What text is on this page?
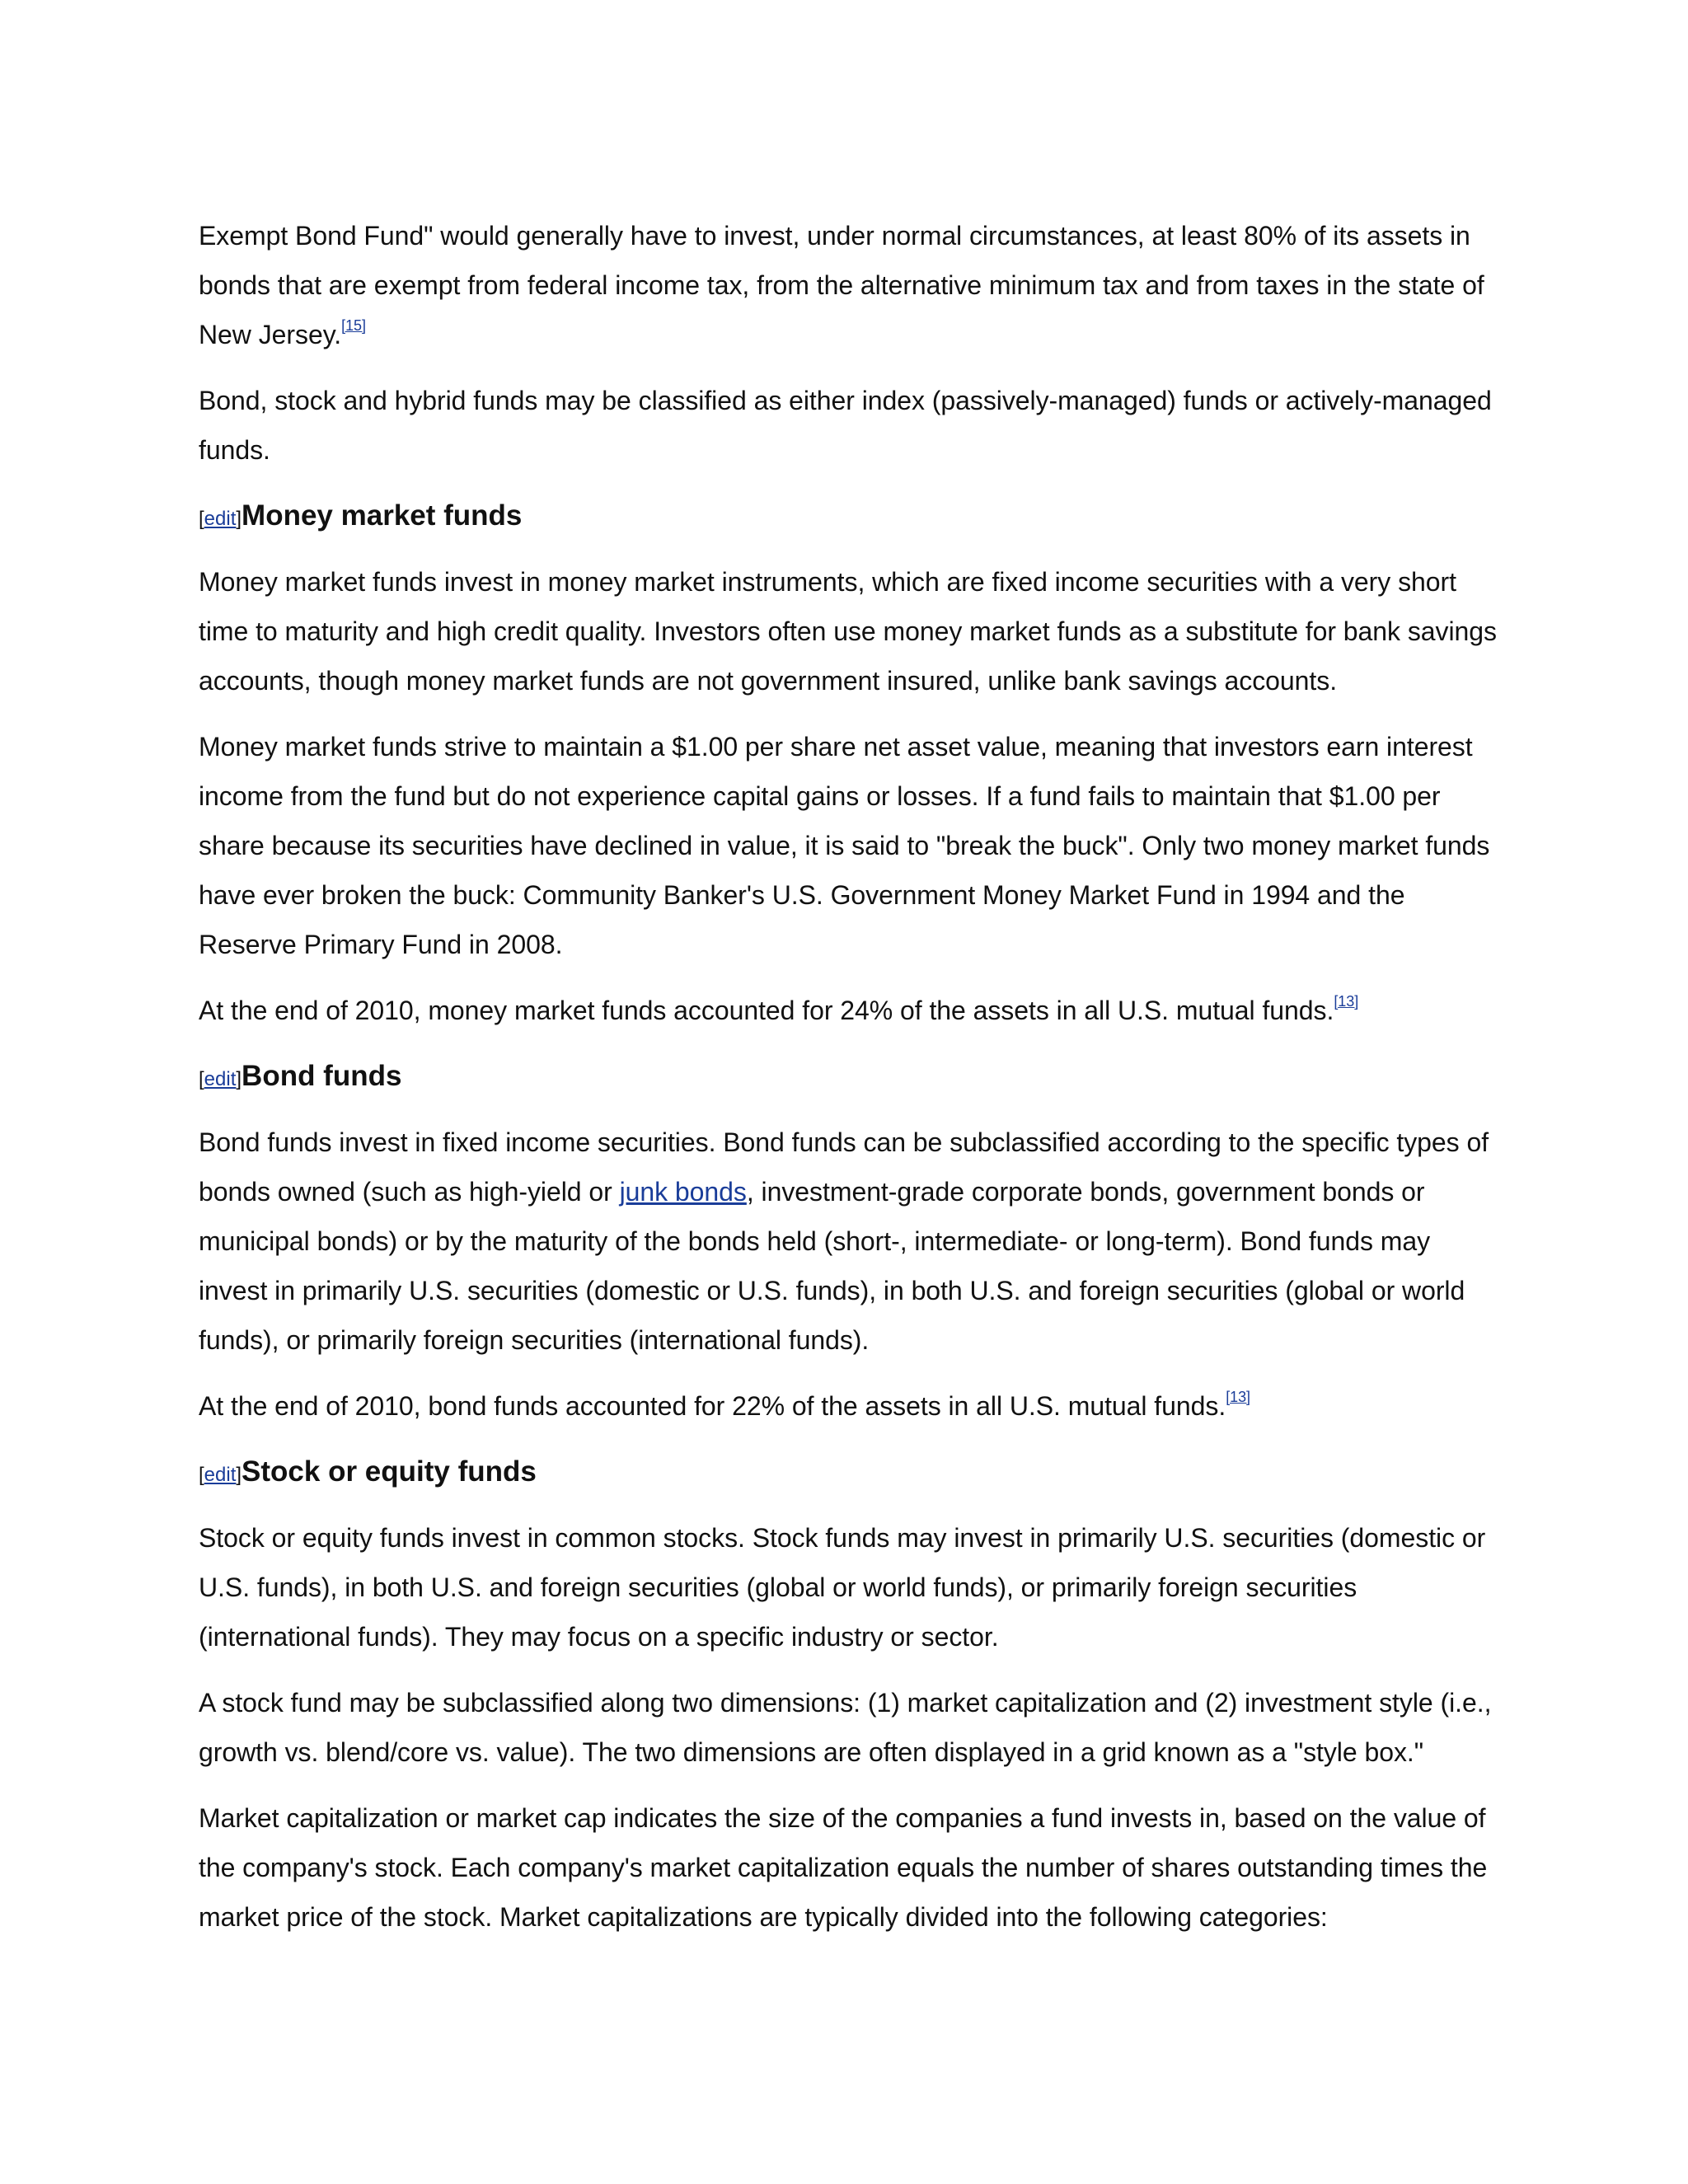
Exempt Bond Fund" would generally have to invest, under normal circumstances, at least 80% of its assets in bonds that are exempt from federal income tax, from the alternative minimum tax and from taxes in the state of New Jersey.[15]

Bond, stock and hybrid funds may be classified as either index (passively-managed) funds or actively-managed funds.

[edit]Money market funds

Money market funds invest in money market instruments, which are fixed income securities with a very short time to maturity and high credit quality. Investors often use money market funds as a substitute for bank savings accounts, though money market funds are not government insured, unlike bank savings accounts.

Money market funds strive to maintain a $1.00 per share net asset value, meaning that investors earn interest income from the fund but do not experience capital gains or losses. If a fund fails to maintain that $1.00 per share because its securities have declined in value, it is said to "break the buck". Only two money market funds have ever broken the buck: Community Banker's U.S. Government Money Market Fund in 1994 and the Reserve Primary Fund in 2008.

At the end of 2010, money market funds accounted for 24% of the assets in all U.S. mutual funds.[13]

[edit]Bond funds

Bond funds invest in fixed income securities. Bond funds can be subclassified according to the specific types of bonds owned (such as high-yield or junk bonds, investment-grade corporate bonds, government bonds or municipal bonds) or by the maturity of the bonds held (short-, intermediate- or long-term). Bond funds may invest in primarily U.S. securities (domestic or U.S. funds), in both U.S. and foreign securities (global or world funds), or primarily foreign securities (international funds).

At the end of 2010, bond funds accounted for 22% of the assets in all U.S. mutual funds.[13]

[edit]Stock or equity funds

Stock or equity funds invest in common stocks. Stock funds may invest in primarily U.S. securities (domestic or U.S. funds), in both U.S. and foreign securities (global or world funds), or primarily foreign securities (international funds). They may focus on a specific industry or sector.

A stock fund may be subclassified along two dimensions: (1) market capitalization and (2) investment style (i.e., growth vs. blend/core vs. value). The two dimensions are often displayed in a grid known as a "style box."

Market capitalization or market cap indicates the size of the companies a fund invests in, based on the value of the company's stock. Each company's market capitalization equals the number of shares outstanding times the market price of the stock. Market capitalizations are typically divided into the following categories:
